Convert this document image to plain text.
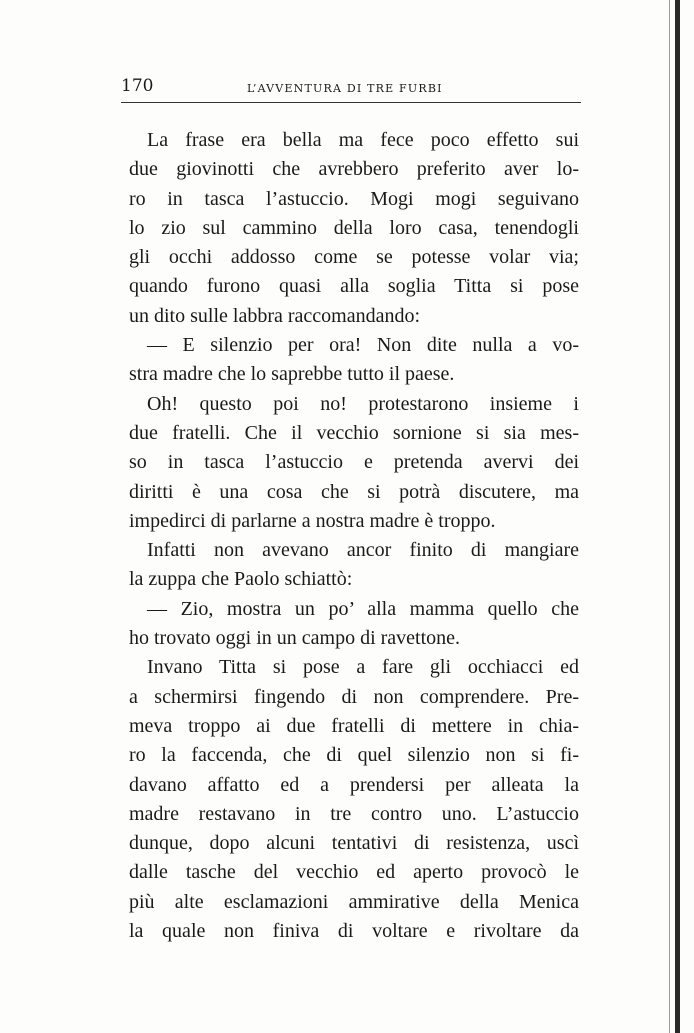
170	L’AVVENTURA DI TRE FURBI
La frase era bella ma fece poco effetto sui
due giovinotti che avrebbero preferito aver lo-
ro in tasca l’astuccio. Mogi mogi seguivano
lo zio sul cammino della loro casa, tenendogli
gli occhi addosso come se potesse volar via;
quando furono quasi alla soglia Titta si pose
un dito sulle labbra raccomandando:
— E silenzio per ora! Non dite nulla a vo-
stra madre che lo saprebbe tutto il paese.
Oh! questo poi no! protestarono insieme i
due fratelli. Che il vecchio sornione si sia mes-
so in tasca l’astuccio e pretenda avervi dei
diritti è una cosa che si potrà discutere, ma
impedirci di parlarne a nostra madre è troppo.
Infatti non avevano ancor finito di mangiare
la zuppa che Paolo schiattò:
— Zio, mostra un po’ alla mamma quello che
ho trovato oggi in un campo di ravettone.
Invano Titta si pose a fare gli occhiacci ed
a schermirsi fingendo di non comprendere. Pre-
meva troppo ai due fratelli di mettere in chia-
ro la faccenda, che di quel silenzio non si fi-
davano affatto ed a prendersi per alleata la
madre restavano in tre contro uno. L’astuccio
dunque, dopo alcuni tentativi di resistenza, uscì
dalle tasche del vecchio ed aperto provocò le
più alte esclamazioni ammirative della Menica
la quale non finiva di voltare e rivoltare da
